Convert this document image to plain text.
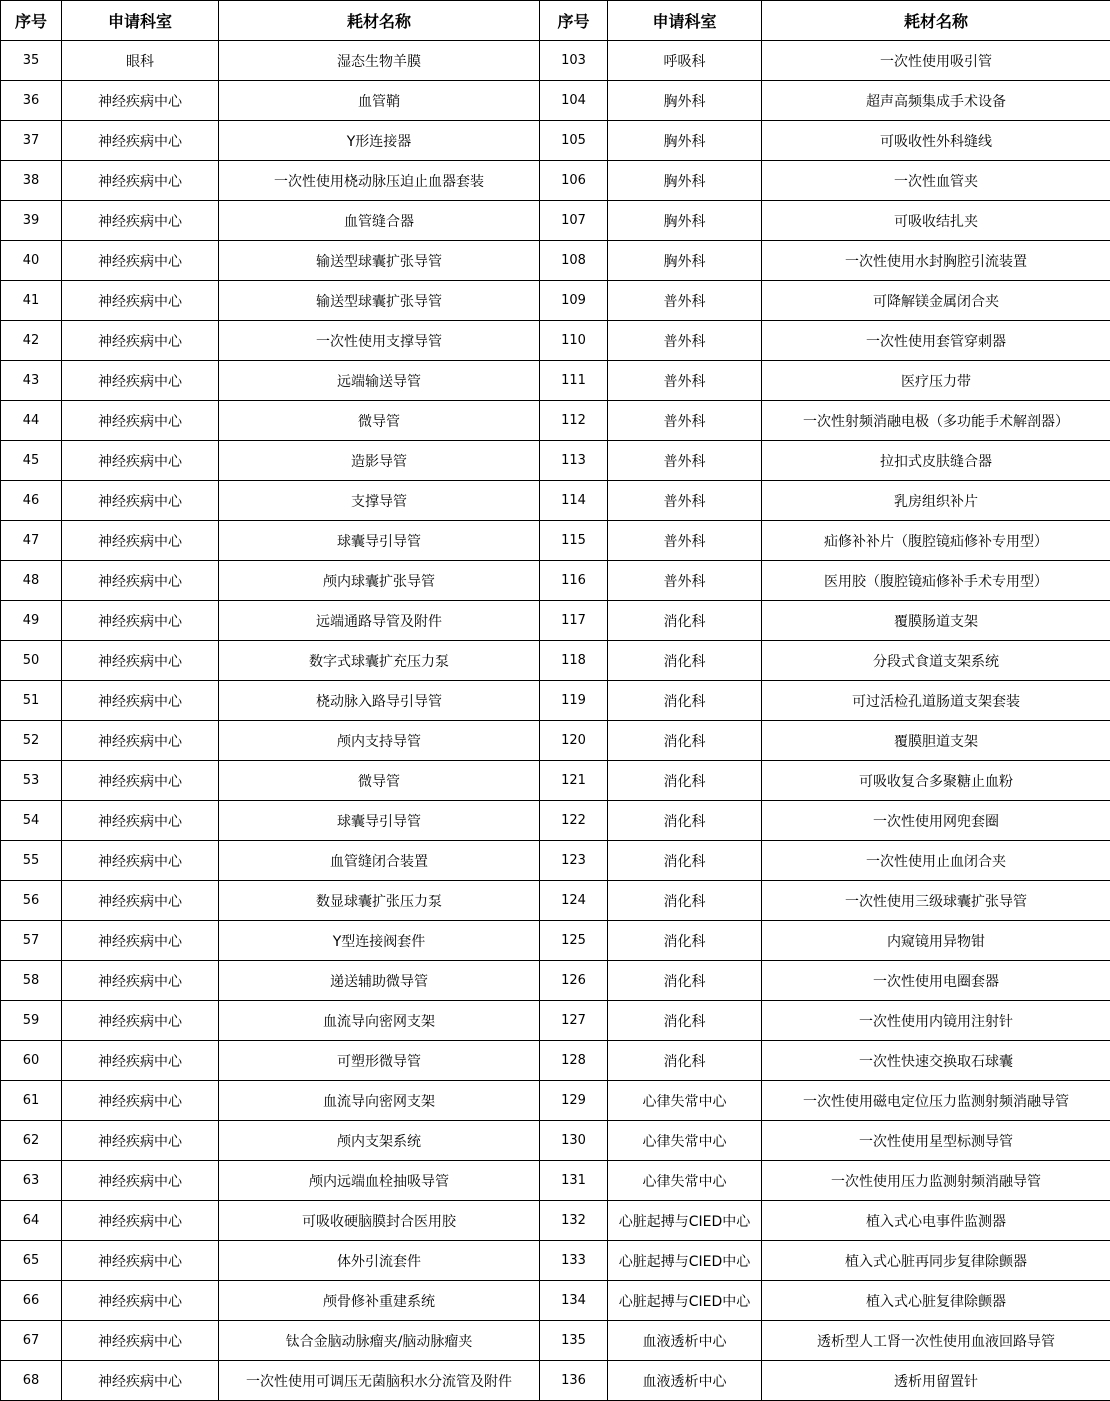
序号	申请科室	耗材名称	序号	申请科室	耗材名称
35	眼科	湿态生物羊膜	103	呼吸科	一次性使用吸引管
36	神经疾病中心	血管鞘	104	胸外科	超声高频集成手术设备
37	神经疾病中心	Y形连接器	105	胸外科	可吸收性外科缝线
38	神经疾病中心	一次性使用桡动脉压迫止血器套装	106	胸外科	一次性血管夹
39	神经疾病中心	血管缝合器	107	胸外科	可吸收结扎夹
40	神经疾病中心	输送型球囊扩张导管	108	胸外科	一次性使用水封胸腔引流装置
41	神经疾病中心	输送型球囊扩张导管	109	普外科	可降解镁金属闭合夹
42	神经疾病中心	一次性使用支撑导管	110	普外科	一次性使用套管穿刺器
43	神经疾病中心	远端输送导管	111	普外科	医疗压力带
44	神经疾病中心	微导管	112	普外科	一次性射频消融电极（多功能手术解剖器）
45	神经疾病中心	造影导管	113	普外科	拉扣式皮肤缝合器
46	神经疾病中心	支撑导管	114	普外科	乳房组织补片
47	神经疾病中心	球囊导引导管	115	普外科	疝修补补片（腹腔镜疝修补专用型）
48	神经疾病中心	颅内球囊扩张导管	116	普外科	医用胶（腹腔镜疝修补手术专用型）
49	神经疾病中心	远端通路导管及附件	117	消化科	覆膜肠道支架
50	神经疾病中心	数字式球囊扩充压力泵	118	消化科	分段式食道支架系统
51	神经疾病中心	桡动脉入路导引导管	119	消化科	可过活检孔道肠道支架套装
52	神经疾病中心	颅内支持导管	120	消化科	覆膜胆道支架
53	神经疾病中心	微导管	121	消化科	可吸收复合多聚糖止血粉
54	神经疾病中心	球囊导引导管	122	消化科	一次性使用网兜套圈
55	神经疾病中心	血管缝闭合装置	123	消化科	一次性使用止血闭合夹
56	神经疾病中心	数显球囊扩张压力泵	124	消化科	一次性使用三级球囊扩张导管
57	神经疾病中心	Y型连接阀套件	125	消化科	内窥镜用异物钳
58	神经疾病中心	递送辅助微导管	126	消化科	一次性使用电圈套器
59	神经疾病中心	血流导向密网支架	127	消化科	一次性使用内镜用注射针
60	神经疾病中心	可塑形微导管	128	消化科	一次性快速交换取石球囊
61	神经疾病中心	血流导向密网支架	129	心律失常中心	一次性使用磁电定位压力监测射频消融导管
62	神经疾病中心	颅内支架系统	130	心律失常中心	一次性使用星型标测导管
63	神经疾病中心	颅内远端血栓抽吸导管	131	心律失常中心	一次性使用压力监测射频消融导管
64	神经疾病中心	可吸收硬脑膜封合医用胶	132	心脏起搏与CIED中心	植入式心电事件监测器
65	神经疾病中心	体外引流套件	133	心脏起搏与CIED中心	植入式心脏再同步复律除颤器
66	神经疾病中心	颅骨修补重建系统	134	心脏起搏与CIED中心	植入式心脏复律除颤器
67	神经疾病中心	钛合金脑动脉瘤夹/脑动脉瘤夹	135	血液透析中心	透析型人工肾一次性使用血液回路导管
68	神经疾病中心	一次性使用可调压无菌脑积水分流管及附件	136	血液透析中心	透析用留置针
